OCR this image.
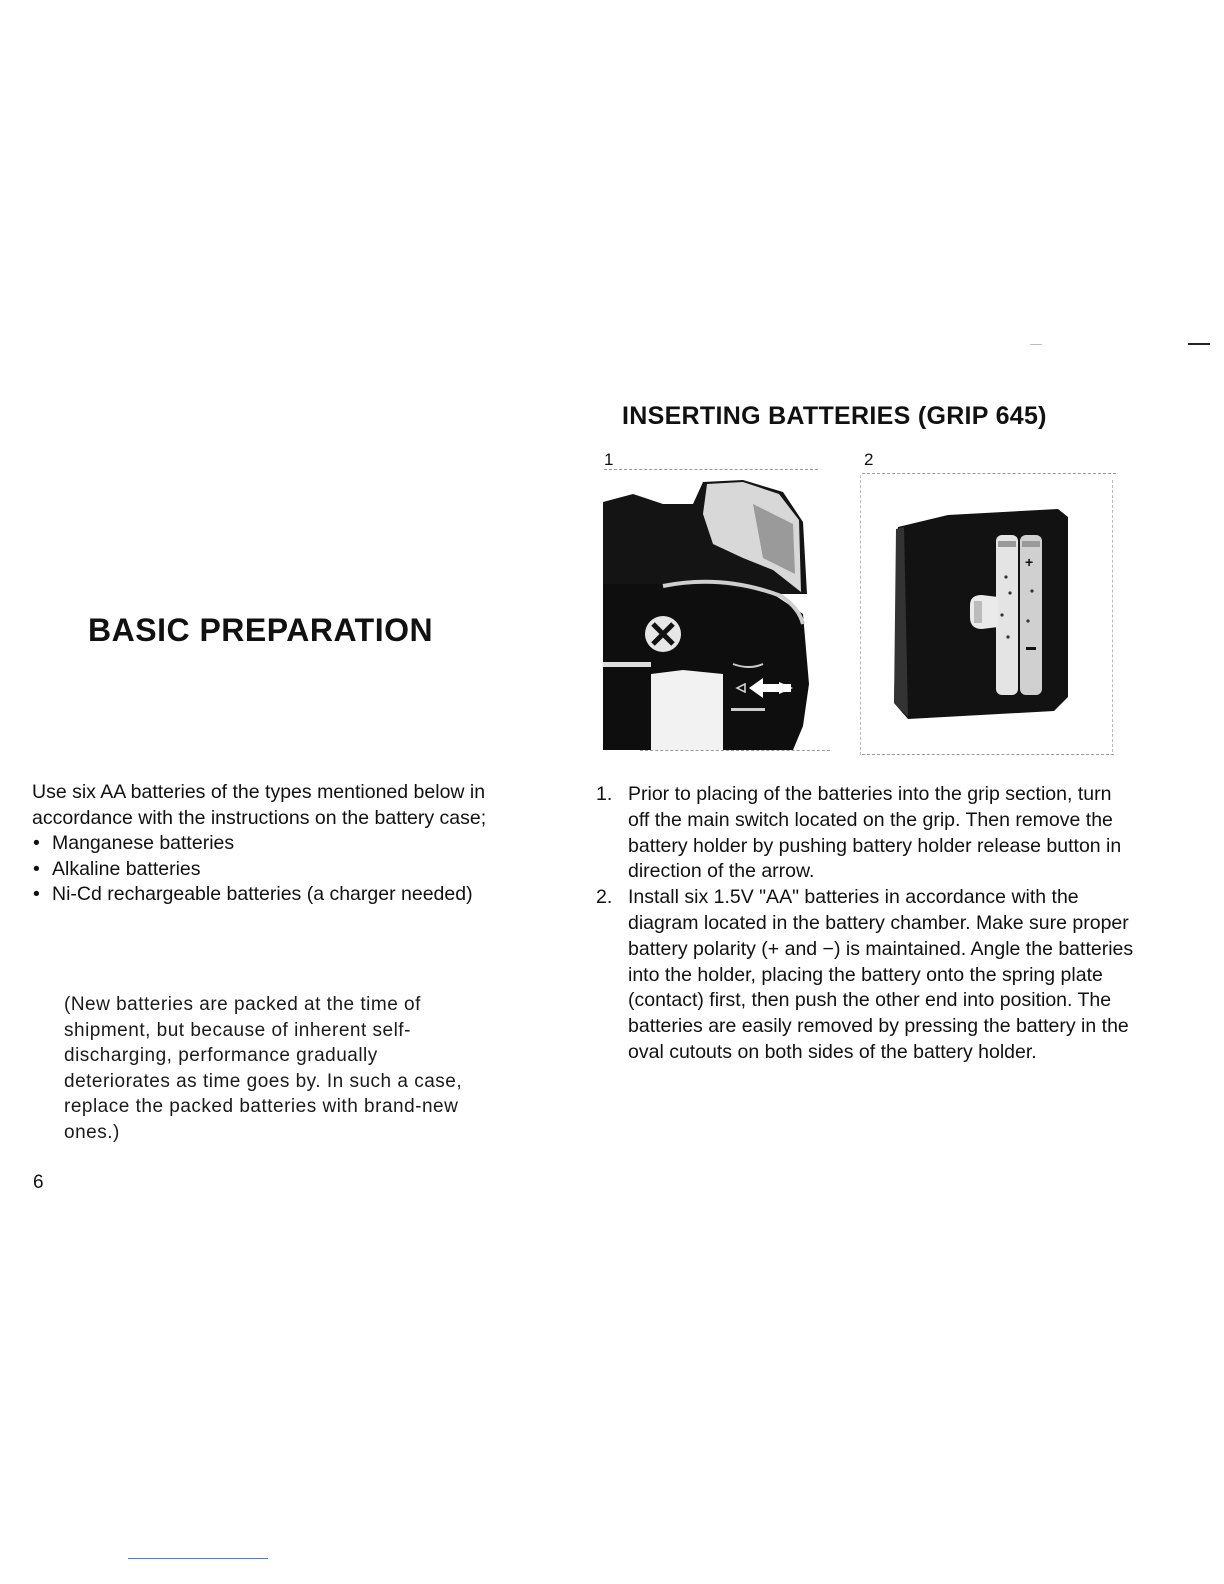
BASIC PREPARATION

Use six AA batteries of the types mentioned below in accordance with the instructions on the battery case;

• Manganese batteries
• Alkaline batteries
• Ni-Cd rechargeable batteries (a charger needed)

(New batteries are packed at the time of shipment, but because of inherent self-discharging, performance gradually deteriorates as time goes by. In such a case, replace the packed batteries with brand-new ones.)

6

INSERTING BATTERIES (GRIP 645)
1	2
+
1. Prior to placing of the batteries into the grip section, turn off the main switch located on the grip. Then remove the battery holder by pushing battery holder release button in direction of the arrow.
2. Install six 1.5V "AA" batteries in accordance with the diagram located in the battery chamber. Make sure proper battery polarity (+ and −) is maintained. Angle the batteries into the holder, placing the battery onto the spring plate (contact) first, then push the other end into position. The batteries are easily removed by pressing the battery in the oval cutouts on both sides of the battery holder.
